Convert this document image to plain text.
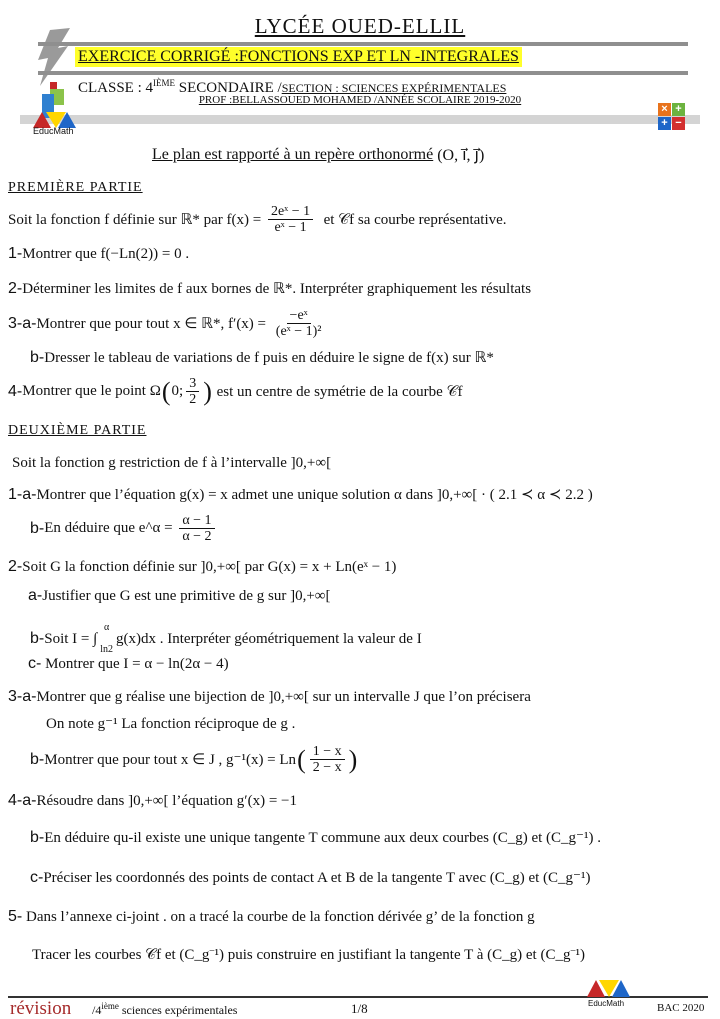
LYCÉE OUED-ELLIL
EXERCICE CORRIGÉ :FONCTIONS EXP ET LN -INTEGRALES
CLASSE : 4IÈME SECONDAIRE /SECTION : SCIENCES EXPÉRIMENTALES
PROF :BELLASSOUED MOHAMED /ANNÉE SCOLAIRE 2019-2020
EducMath
× +
+ −
Le plan est rapporté à un repère orthonormé (O, i⃗, j⃗)
PREMIÈRE PARTIE
Soit la fonction f définie sur ℝ* par $f(x) = \frac{\text{2eˣ − 1}}{\text{eˣ − 1}}$ et 𝒞f sa courbe représentative.
1- Montrer que f(−Ln(2)) = 0 .
2- Déterminer les limites de f aux bornes de ℝ*. Interpréter graphiquement les résultats
3-a- Montrer que pour tout x ∈ ℝ*, $f'(x) = \frac{\text{−eˣ}}{\text{(eˣ − 1)²}}$
b- Dresser le tableau de variations de f puis en déduire le signe de f(x) sur ℝ*
4- Montrer que le point Ω ( 0; $\frac{3}{2}$ ) est un centre de symétrie de la courbe 𝒞f
DEUXIÈME PARTIE
Soit la fonction g restriction de f à l’intervalle ]0,+∞[
1-a- Montrer que l’équation g(x) = x admet une unique solution α dans ]0,+∞[ · ( 2.1 ≺ α ≺ 2.2 )
b- En déduire que e^α = $\frac{\alpha - 1}{\alpha - 2}$
2- Soit G la fonction définie sur ]0,+∞[ par G(x) = x + Ln(eˣ − 1)
a- Justifier que G est une primitive de g sur ]0,+∞[
b- Soit I = ∫
α
ln2
g(x)dx . Interpréter géométriquement la valeur de I
c- Montrer que I = α − ln(2α − 4)
3-a- Montrer que g réalise une bijection de ]0,+∞[ sur un intervalle J que l’on précisera
On note g⁻¹ La fonction réciproque de g .
b- Montrer que pour tout x ∈ J , g⁻¹(x) = Ln ( $\frac{1 - x}{2 - x}$ )
4-a- Résoudre dans ]0,+∞[ l’équation g′(x) = −1
b- En déduire qu-il existe une unique tangente T commune aux deux courbes (C_g) et (C_g⁻¹) .
c- Préciser les coordonnés des points de contact A et B de la tangente T avec (C_g) et (C_g⁻¹)
5- Dans l’annexe ci-joint . on a tracé la courbe de la fonction dérivée g’ de la fonction g
Tracer les courbes 𝒞f et (C_g⁻¹) puis construire en justifiant la tangente T à (C_g) et (C_g⁻¹)
révision /4ième sciences expérimentales	1/8	EducMath	BAC 2020
